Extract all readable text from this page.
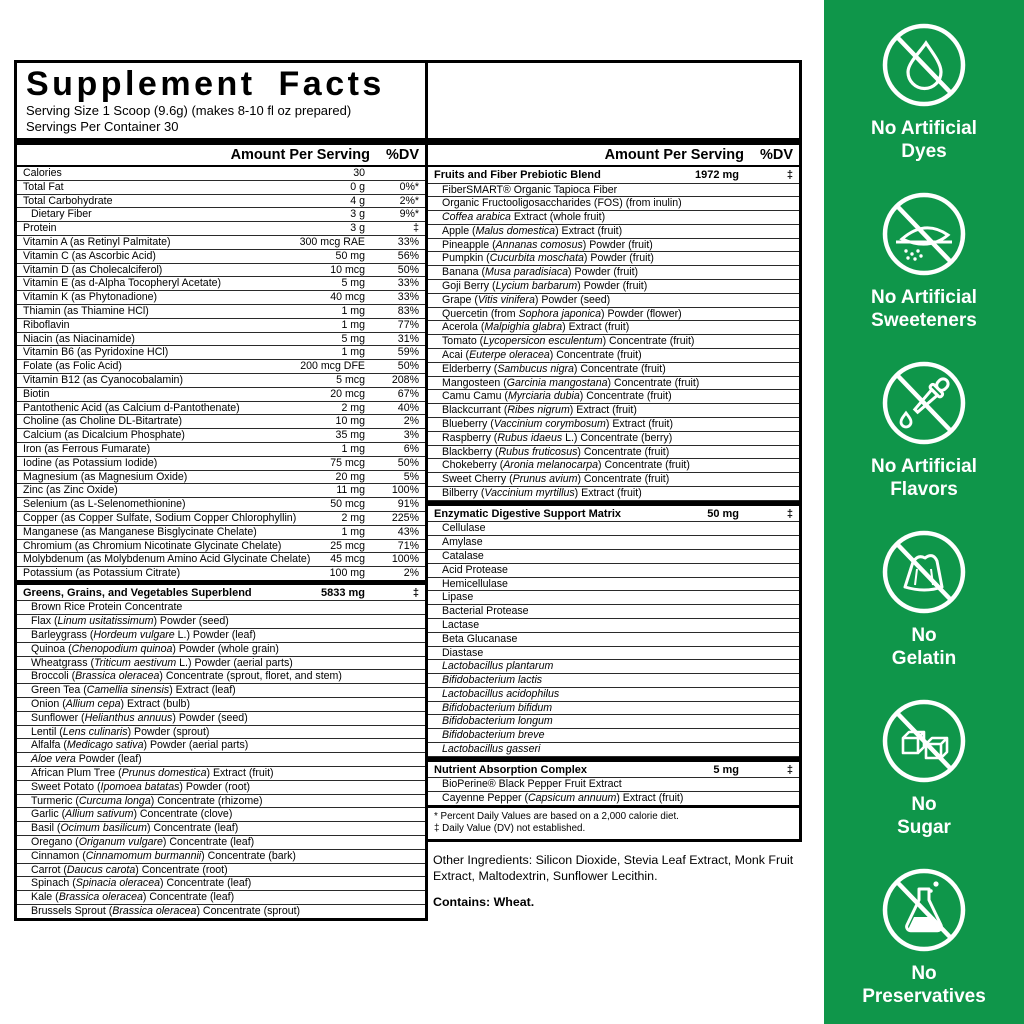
Supplement Facts
Serving Size 1 Scoop (9.6g) (makes 8-10 fl oz prepared)
Servings Per Container 30
Amount Per Serving	%DV
Calories	30
Total Fat	0 g	0%*
Total Carbohydrate	4 g	2%*
Dietary Fiber	3 g	9%*
Protein	3 g	‡
Vitamin A (as Retinyl Palmitate)	300 mcg RAE	33%
Vitamin C (as Ascorbic Acid)	50 mg	56%
Vitamin D (as Cholecalciferol)	10 mcg	50%
Vitamin E (as d-Alpha Tocopheryl Acetate)	5 mg	33%
Vitamin K (as Phytonadione)	40 mcg	33%
Thiamin (as Thiamine HCl)	1 mg	83%
Riboflavin	1 mg	77%
Niacin (as Niacinamide)	5 mg	31%
Vitamin B6 (as Pyridoxine HCl)	1 mg	59%
Folate (as Folic Acid)	200 mcg DFE	50%
Vitamin B12 (as Cyanocobalamin)	5 mcg	208%
Biotin	20 mcg	67%
Pantothenic Acid (as Calcium d-Pantothenate)	2 mg	40%
Choline (as Choline DL-Bitartrate)	10 mg	2%
Calcium (as Dicalcium Phosphate)	35 mg	3%
Iron (as Ferrous Fumarate)	1 mg	6%
Iodine (as Potassium Iodide)	75 mcg	50%
Magnesium (as Magnesium Oxide)	20 mg	5%
Zinc (as Zinc Oxide)	11 mg	100%
Selenium (as L-Selenomethionine)	50 mcg	91%
Copper (as Copper Sulfate, Sodium Copper Chlorophyllin)	2 mg	225%
Manganese (as Manganese Bisglycinate Chelate)	1 mg	43%
Chromium (as Chromium Nicotinate Glycinate Chelate)	25 mcg	71%
Molybdenum (as Molybdenum Amino Acid Glycinate Chelate) 45 mcg	100%
Potassium (as Potassium Citrate)	100 mg	2%
Greens, Grains, and Vegetables Superblend	5833 mg	‡
Brown Rice Protein Concentrate
Flax (Linum usitatissimum) Powder (seed)
Barleygrass (Hordeum vulgare L.) Powder (leaf)
Quinoa (Chenopodium quinoa) Powder (whole grain)
Wheatgrass (Triticum aestivum L.) Powder (aerial parts)
Broccoli (Brassica oleracea) Concentrate (sprout, floret, and stem)
Green Tea (Camellia sinensis) Extract (leaf)
Onion (Allium cepa) Extract (bulb)
Sunflower (Helianthus annuus) Powder (seed)
Lentil (Lens culinaris) Powder (sprout)
Alfalfa (Medicago sativa) Powder (aerial parts)
Aloe vera Powder (leaf)
African Plum Tree (Prunus domestica) Extract (fruit)
Sweet Potato (Ipomoea batatas) Powder (root)
Turmeric (Curcuma longa) Concentrate (rhizome)
Garlic (Allium sativum) Concentrate (clove)
Basil (Ocimum basilicum) Concentrate (leaf)
Oregano (Origanum vulgare) Concentrate (leaf)
Cinnamon (Cinnamomum burmannii) Concentrate (bark)
Carrot (Daucus carota) Concentrate (root)
Spinach (Spinacia oleracea) Concentrate (leaf)
Kale (Brassica oleracea) Concentrate (leaf)
Brussels Sprout (Brassica oleracea) Concentrate (sprout)
Amount Per Serving	%DV
Fruits and Fiber Prebiotic Blend	1972 mg	‡
FiberSMART® Organic Tapioca Fiber
Organic Fructooligosaccharides (FOS) (from inulin)
Coffea arabica Extract (whole fruit)
Apple (Malus domestica) Extract (fruit)
Pineapple (Annanas comosus) Powder (fruit)
Pumpkin (Cucurbita moschata) Powder (fruit)
Banana (Musa paradisiaca) Powder (fruit)
Goji Berry (Lycium barbarum) Powder (fruit)
Grape (Vitis vinifera) Powder (seed)
Quercetin (from Sophora japonica) Powder (flower)
Acerola (Malpighia glabra) Extract (fruit)
Tomato (Lycopersicon esculentum) Concentrate (fruit)
Acai (Euterpe oleracea) Concentrate (fruit)
Elderberry (Sambucus nigra) Concentrate (fruit)
Mangosteen (Garcinia mangostana) Concentrate (fruit)
Camu Camu (Myrciaria dubia) Concentrate (fruit)
Blackcurrant (Ribes nigrum) Extract (fruit)
Blueberry (Vaccinium corymbosum) Extract (fruit)
Raspberry (Rubus idaeus L.) Concentrate (berry)
Blackberry (Rubus fruticosus) Concentrate (fruit)
Chokeberry (Aronia melanocarpa) Concentrate (fruit)
Sweet Cherry (Prunus avium) Concentrate (fruit)
Bilberry (Vaccinium myrtillus) Extract (fruit)
Enzymatic Digestive Support Matrix	50 mg	‡
Cellulase
Amylase
Catalase
Acid Protease
Hemicellulase
Lipase
Bacterial Protease
Lactase
Beta Glucanase
Diastase
Lactobacillus plantarum
Bifidobacterium lactis
Lactobacillus acidophilus
Bifidobacterium bifidum
Bifidobacterium longum
Bifidobacterium breve
Lactobacillus gasseri
Nutrient Absorption Complex	5 mg	‡
BioPerine® Black Pepper Fruit Extract
Cayenne Pepper (Capsicum annuum) Extract (fruit)
* Percent Daily Values are based on a 2,000 calorie diet.
‡ Daily Value (DV) not established.

Other Ingredients: Silicon Dioxide, Stevia Leaf Extract, Monk Fruit Extract, Maltodextrin, Sunflower Lecithin.

Contains: Wheat.

No Artificial
Dyes
No Artificial
Sweeteners
No Artificial
Flavors
No
Gelatin
No
Sugar
No
Preservatives
